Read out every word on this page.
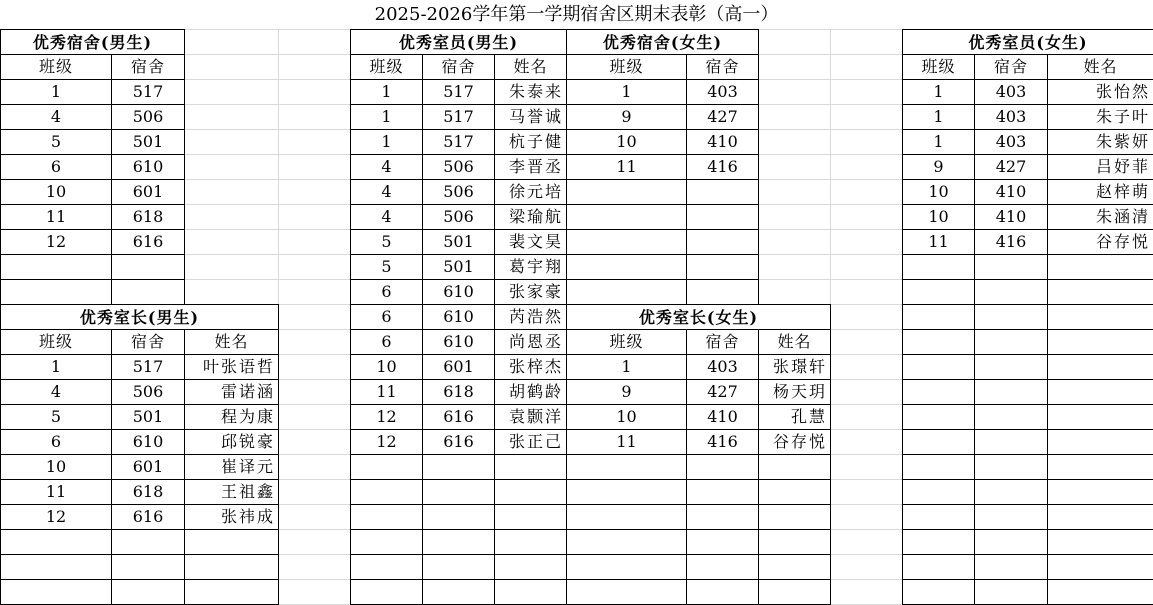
2025-2026学年第一学期宿舍区期末表彰（高一）
优秀宿舍(男生)
班级	宿舍
1	517
4	506
5	501
6	610
10	601
11	618
12	616
优秀室员(男生)
班级	宿舍	姓名
1	517	朱泰来
1	517	马誉诚
1	517	杭子健
4	506	李晋丞
4	506	徐元培
4	506	梁瑜航
5	501	裴文昊
5	501	葛宇翔
6	610	张家豪
6	610	芮浩然
6	610	尚恩丞
10	601	张梓杰
11	618	胡鹤龄
12	616	袁颢洋
12	616	张正己
优秀宿舍(女生)
班级	宿舍
1	403
9	427
10	410
11	416
优秀室员(女生)
班级	宿舍	姓名
1	403	张怡然
1	403	朱子叶
1	403	朱紫妍
9	427	吕妤菲
10	410	赵梓萌
10	410	朱涵清
11	416	谷存悦
优秀室长(男生)
班级	宿舍	姓名
1	517	叶张语哲
4	506	雷诺涵
5	501	程为康
6	610	邱锐豪
10	601	崔译元
11	618	王祖鑫
12	616	张祎成
优秀室长(女生)
班级	宿舍	姓名
1	403	张璟轩
9	427	杨天玥
10	410	孔慧
11	416	谷存悦
